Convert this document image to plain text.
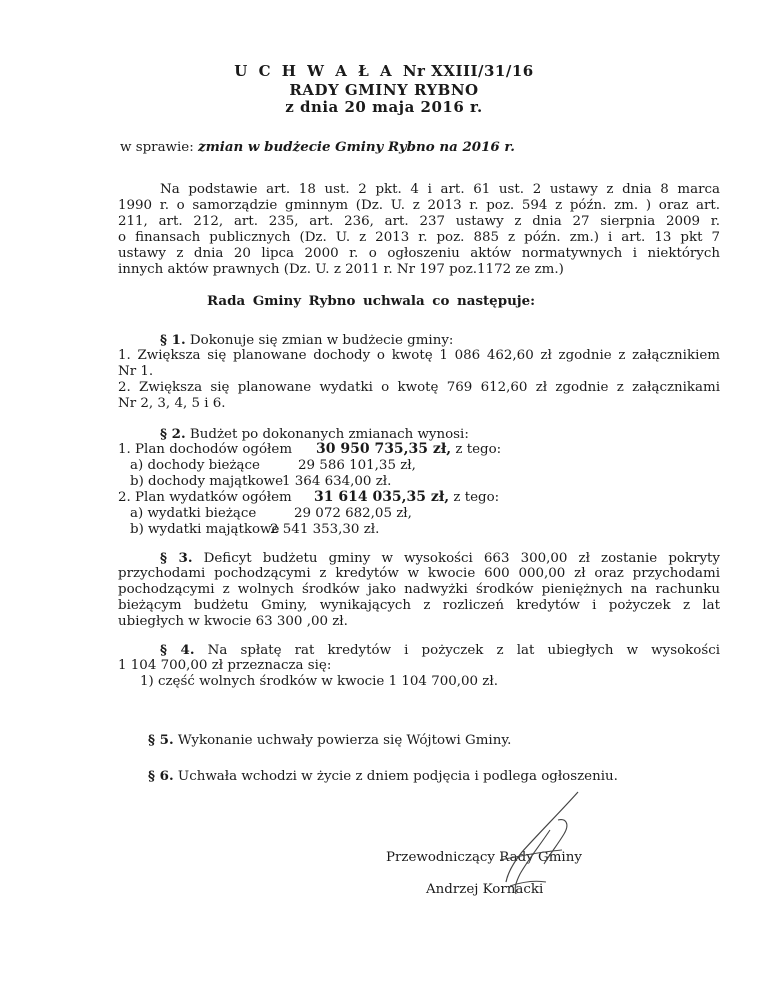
U C H W A Ł A Nr XXIII/31/16
RADY GMINY RYBNO
z dnia 20 maja 2016 r.
w sprawie: zmian w budżecie Gminy Rybno na 2016 r.
Na podstawie art. 18 ust. 2 pkt. 4 i art. 61 ust. 2 ustawy z dnia 8 marca
1990 r. o samorządzie gminnym (Dz. U. z 2013 r. poz. 594 z późn. zm. ) oraz art.
211, art. 212, art. 235, art. 236, art. 237 ustawy z dnia 27 sierpnia 2009 r.
o finansach publicznych (Dz. U. z 2013 r. poz. 885 z późn. zm.) i art. 13 pkt 7
ustawy z dnia 20 lipca 2000 r. o ogłoszeniu aktów normatywnych i niektórych
innych aktów prawnych (Dz. U. z 2011 r. Nr 197 poz.1172 ze zm.)
Rada Gminy Rybno uchwala co następuje:
§ 1. Dokonuje się zmian w budżecie gminy:
1. Zwiększa się planowane dochody o kwotę 1 086 462,60 zł zgodnie z załącznikiem
Nr 1.
2. Zwiększa się planowane wydatki o kwotę 769 612,60 zł zgodnie z załącznikami
Nr 2, 3, 4, 5 i 6.
§ 2. Budżet po dokonanych zmianach wynosi:
1. Plan dochodów ogółem 30 950 735,35 zł, z tego:
a) dochody bieżące	29 586 101,35 zł,
b) dochody majątkowe
1 364 634,00 zł.
2. Plan wydatków ogółem 31 614 035,35 zł, z tego:
a) wydatki bieżące	29 072 682,05 zł,
b) wydatki majątkowe
2 541 353,30 zł.
§ 3. Deficyt budżetu gminy w wysokości 663 300,00 zł zostanie pokryty
przychodami pochodzącymi z kredytów w kwocie 600 000,00 zł oraz przychodami
pochodzącymi z wolnych środków jako nadwyżki środków pieniężnych na rachunku
bieżącym budżetu Gminy, wynikających z rozliczeń kredytów i pożyczek z lat
ubiegłych w kwocie 63 300 ,00 zł.
§ 4. Na spłatę rat kredytów i pożyczek z lat ubiegłych w wysokości
1 104 700,00 zł przeznacza się:
1) część wolnych środków w kwocie 1 104 700,00 zł.
§ 5. Wykonanie uchwały powierza się Wójtowi Gminy.
§ 6. Uchwała wchodzi w życie z dniem podjęcia i podlega ogłoszeniu.
Przewodniczący Rady Gminy
Andrzej Kornacki
